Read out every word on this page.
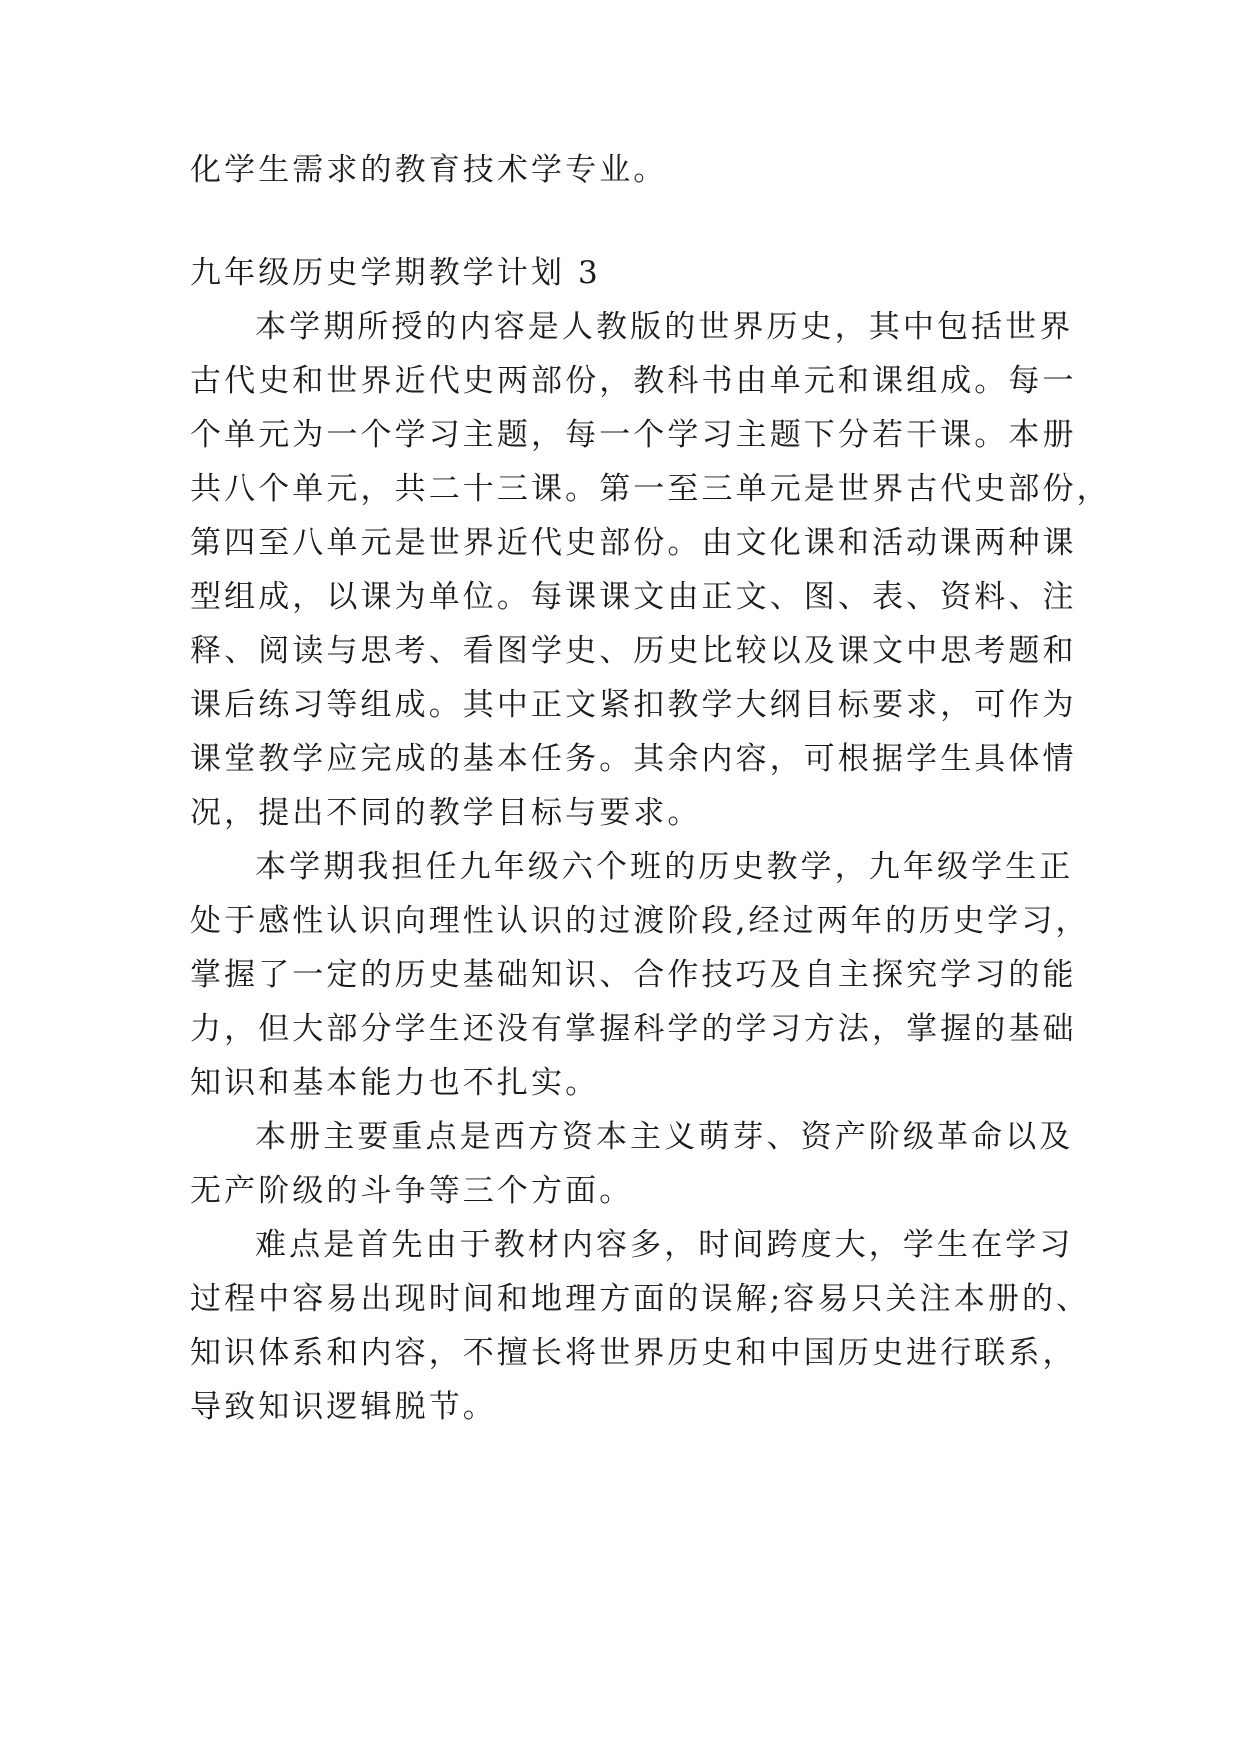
化学生需求的教育技术学专业。
九年级历史学期教学计划 3
本学期所授的内容是人教版的世界历史，其中包括世界
古代史和世界近代史两部份，教科书由单元和课组成。每一
个单元为一个学习主题，每一个学习主题下分若干课。本册
共八个单元，共二十三课。第一至三单元是世界古代史部份，
第四至八单元是世界近代史部份。由文化课和活动课两种课
型组成，以课为单位。每课课文由正文、图、表、资料、注
释、阅读与思考、看图学史、历史比较以及课文中思考题和
课后练习等组成。其中正文紧扣教学大纲目标要求，可作为
课堂教学应完成的基本任务。其余内容，可根据学生具体情
况，提出不同的教学目标与要求。
本学期我担任九年级六个班的历史教学，九年级学生正
处于感性认识向理性认识的过渡阶段,经过两年的历史学习，
掌握了一定的历史基础知识、合作技巧及自主探究学习的能
力，但大部分学生还没有掌握科学的学习方法，掌握的基础
知识和基本能力也不扎实。
本册主要重点是西方资本主义萌芽、资产阶级革命以及
无产阶级的斗争等三个方面。
难点是首先由于教材内容多，时间跨度大，学生在学习
过程中容易出现时间和地理方面的误解;容易只关注本册的、
知识体系和内容，不擅长将世界历史和中国历史进行联系，
导致知识逻辑脱节。
